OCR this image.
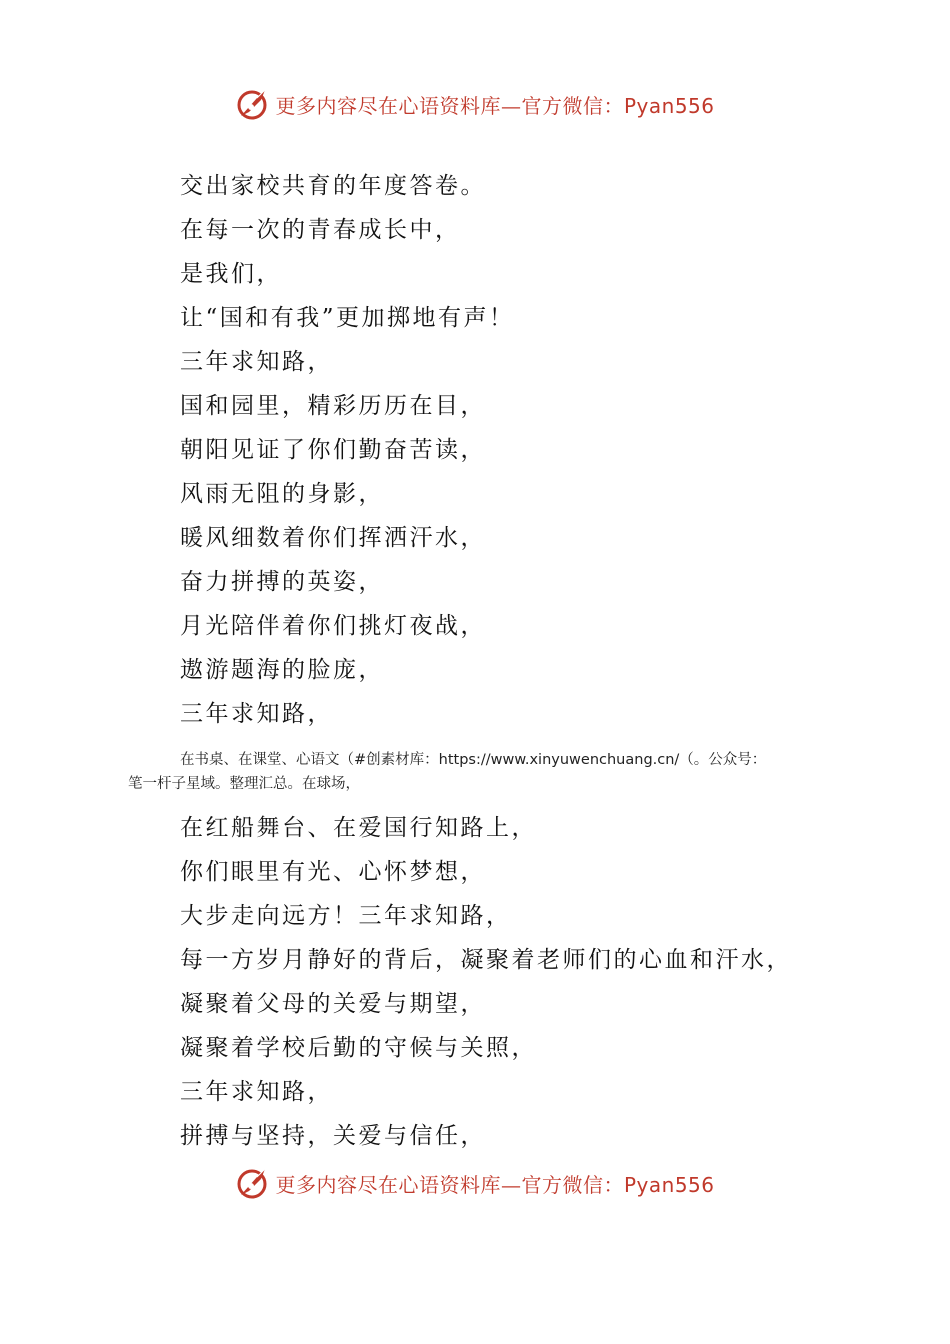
更多内容尽在心语资料库—官方微信：Pyan556
交出家校共育的年度答卷。
在每一次的青春成长中，
是我们，
让“国和有我”更加掷地有声！
三年求知路，
国和园里，精彩历历在目，
朝阳见证了你们勤奋苦读，
风雨无阻的身影，
暖风细数着你们挥洒汗水，
奋力拼搏的英姿，
月光陪伴着你们挑灯夜战，
遨游题海的脸庞，
三年求知路，
在书桌、在课堂、心语文（#创素材库：https://www.xinyuwenchuang.cn/（。公众号：
笔一杆子星域。整理汇总。在球场，
在红船舞台、在爱国行知路上，
你们眼里有光、心怀梦想，
大步走向远方！三年求知路，
每一方岁月静好的背后，凝聚着老师们的心血和汗水，
凝聚着父母的关爱与期望，
凝聚着学校后勤的守候与关照，
三年求知路，
拼搏与坚持，关爱与信任，
更多内容尽在心语资料库—官方微信：Pyan556
